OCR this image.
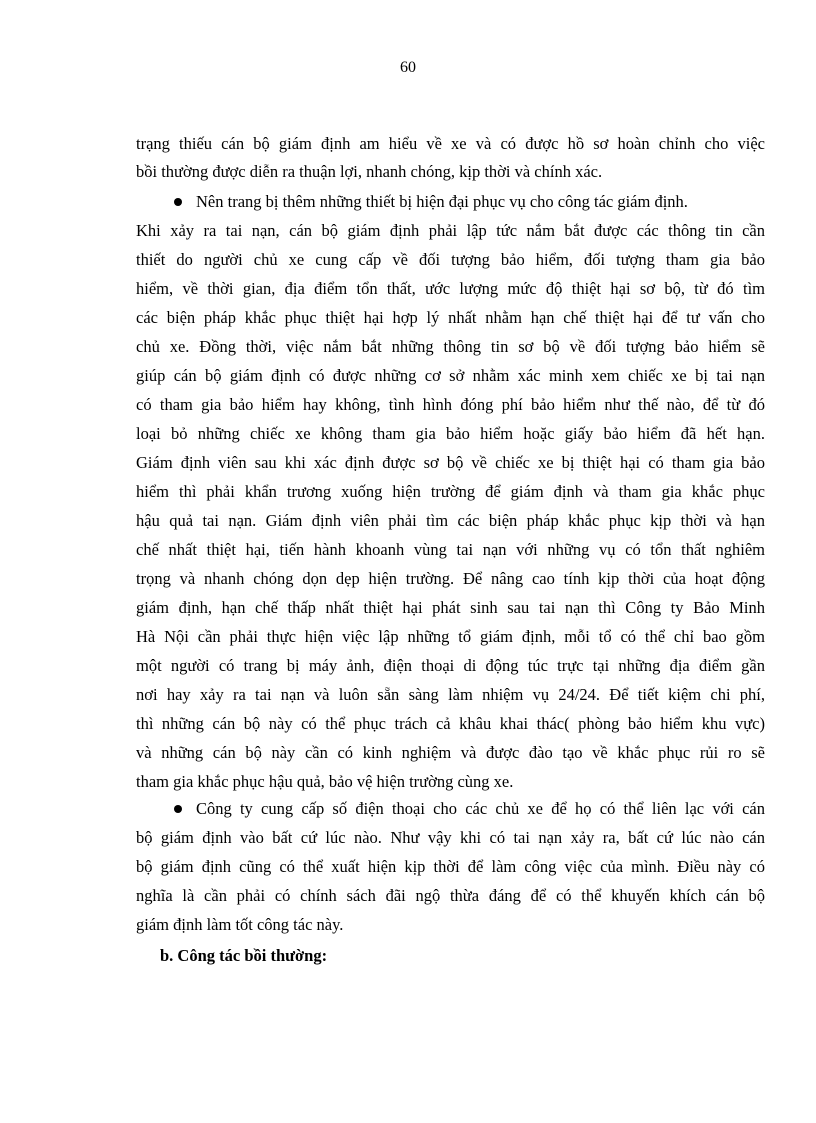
60
trạng thiếu cán bộ giám định am hiểu về xe và có được hồ sơ hoàn chỉnh cho việc
bồi thường được diễn ra thuận lợi, nhanh chóng, kịp thời và chính xác.
Nên trang bị thêm những thiết bị hiện đại phục vụ cho công tác giám định.
Khi xảy ra tai nạn, cán bộ giám định phải lập tức nắm bắt được các thông tin cần
thiết do người chủ xe cung cấp về đối tượng bảo hiểm, đối tượng tham gia bảo
hiểm, về thời gian, địa điểm tổn thất, ước lượng mức độ thiệt hại sơ bộ, từ đó tìm
các biện pháp khắc phục thiệt hại hợp lý nhất nhằm hạn chế thiệt hại để tư vấn cho
chủ xe. Đồng thời, việc nắm bắt những thông tin sơ bộ về đối tượng bảo hiểm sẽ
giúp cán bộ giám định có được những cơ sở nhằm xác minh xem chiếc xe bị tai nạn
có tham gia bảo hiểm hay không, tình hình đóng phí bảo hiểm như thế nào, để từ đó
loại bỏ những chiếc xe không tham gia bảo hiểm hoặc giấy bảo hiểm đã hết hạn.
Giám định viên sau khi xác định được sơ bộ về chiếc xe bị thiệt hại có tham gia bảo
hiểm thì phải khẩn trương xuống hiện trường để giám định và tham gia khắc phục
hậu quả tai nạn. Giám định viên phải tìm các biện pháp khắc phục kịp thời và hạn
chế nhất thiệt hại, tiến hành khoanh vùng tai nạn với những vụ có tổn thất nghiêm
trọng và nhanh chóng dọn dẹp hiện trường. Để nâng cao tính kịp thời của hoạt động
giám định, hạn chế thấp nhất thiệt hại phát sinh sau tai nạn thì Công ty Bảo Minh
Hà Nội cần phải thực hiện việc lập những tổ giám định, mỗi tổ có thể chỉ bao gồm
một người có trang bị máy ảnh, điện thoại di động túc trực tại những địa điểm gần
nơi hay xảy ra tai nạn và luôn sẵn sàng làm nhiệm vụ 24/24. Để tiết kiệm chi phí,
thì những cán bộ này có thể phục trách cả khâu khai thác( phòng bảo hiểm khu vực)
và những cán bộ này cần có kinh nghiệm và được đào tạo về khắc phục rủi ro sẽ
tham gia khắc phục hậu quả, bảo vệ hiện trường cùng xe.
Công ty cung cấp số điện thoại cho các chủ xe để họ có thể liên lạc với cán
bộ giám định vào bất cứ lúc nào. Như vậy khi có tai nạn xảy ra, bất cứ lúc nào cán
bộ giám định cũng có thể xuất hiện kịp thời để làm công việc của mình. Điều này có
nghĩa là cần phải có chính sách đãi ngộ thừa đáng để có thể khuyến khích cán bộ
giám định làm tốt công tác này.
b. Công tác bồi thường:
